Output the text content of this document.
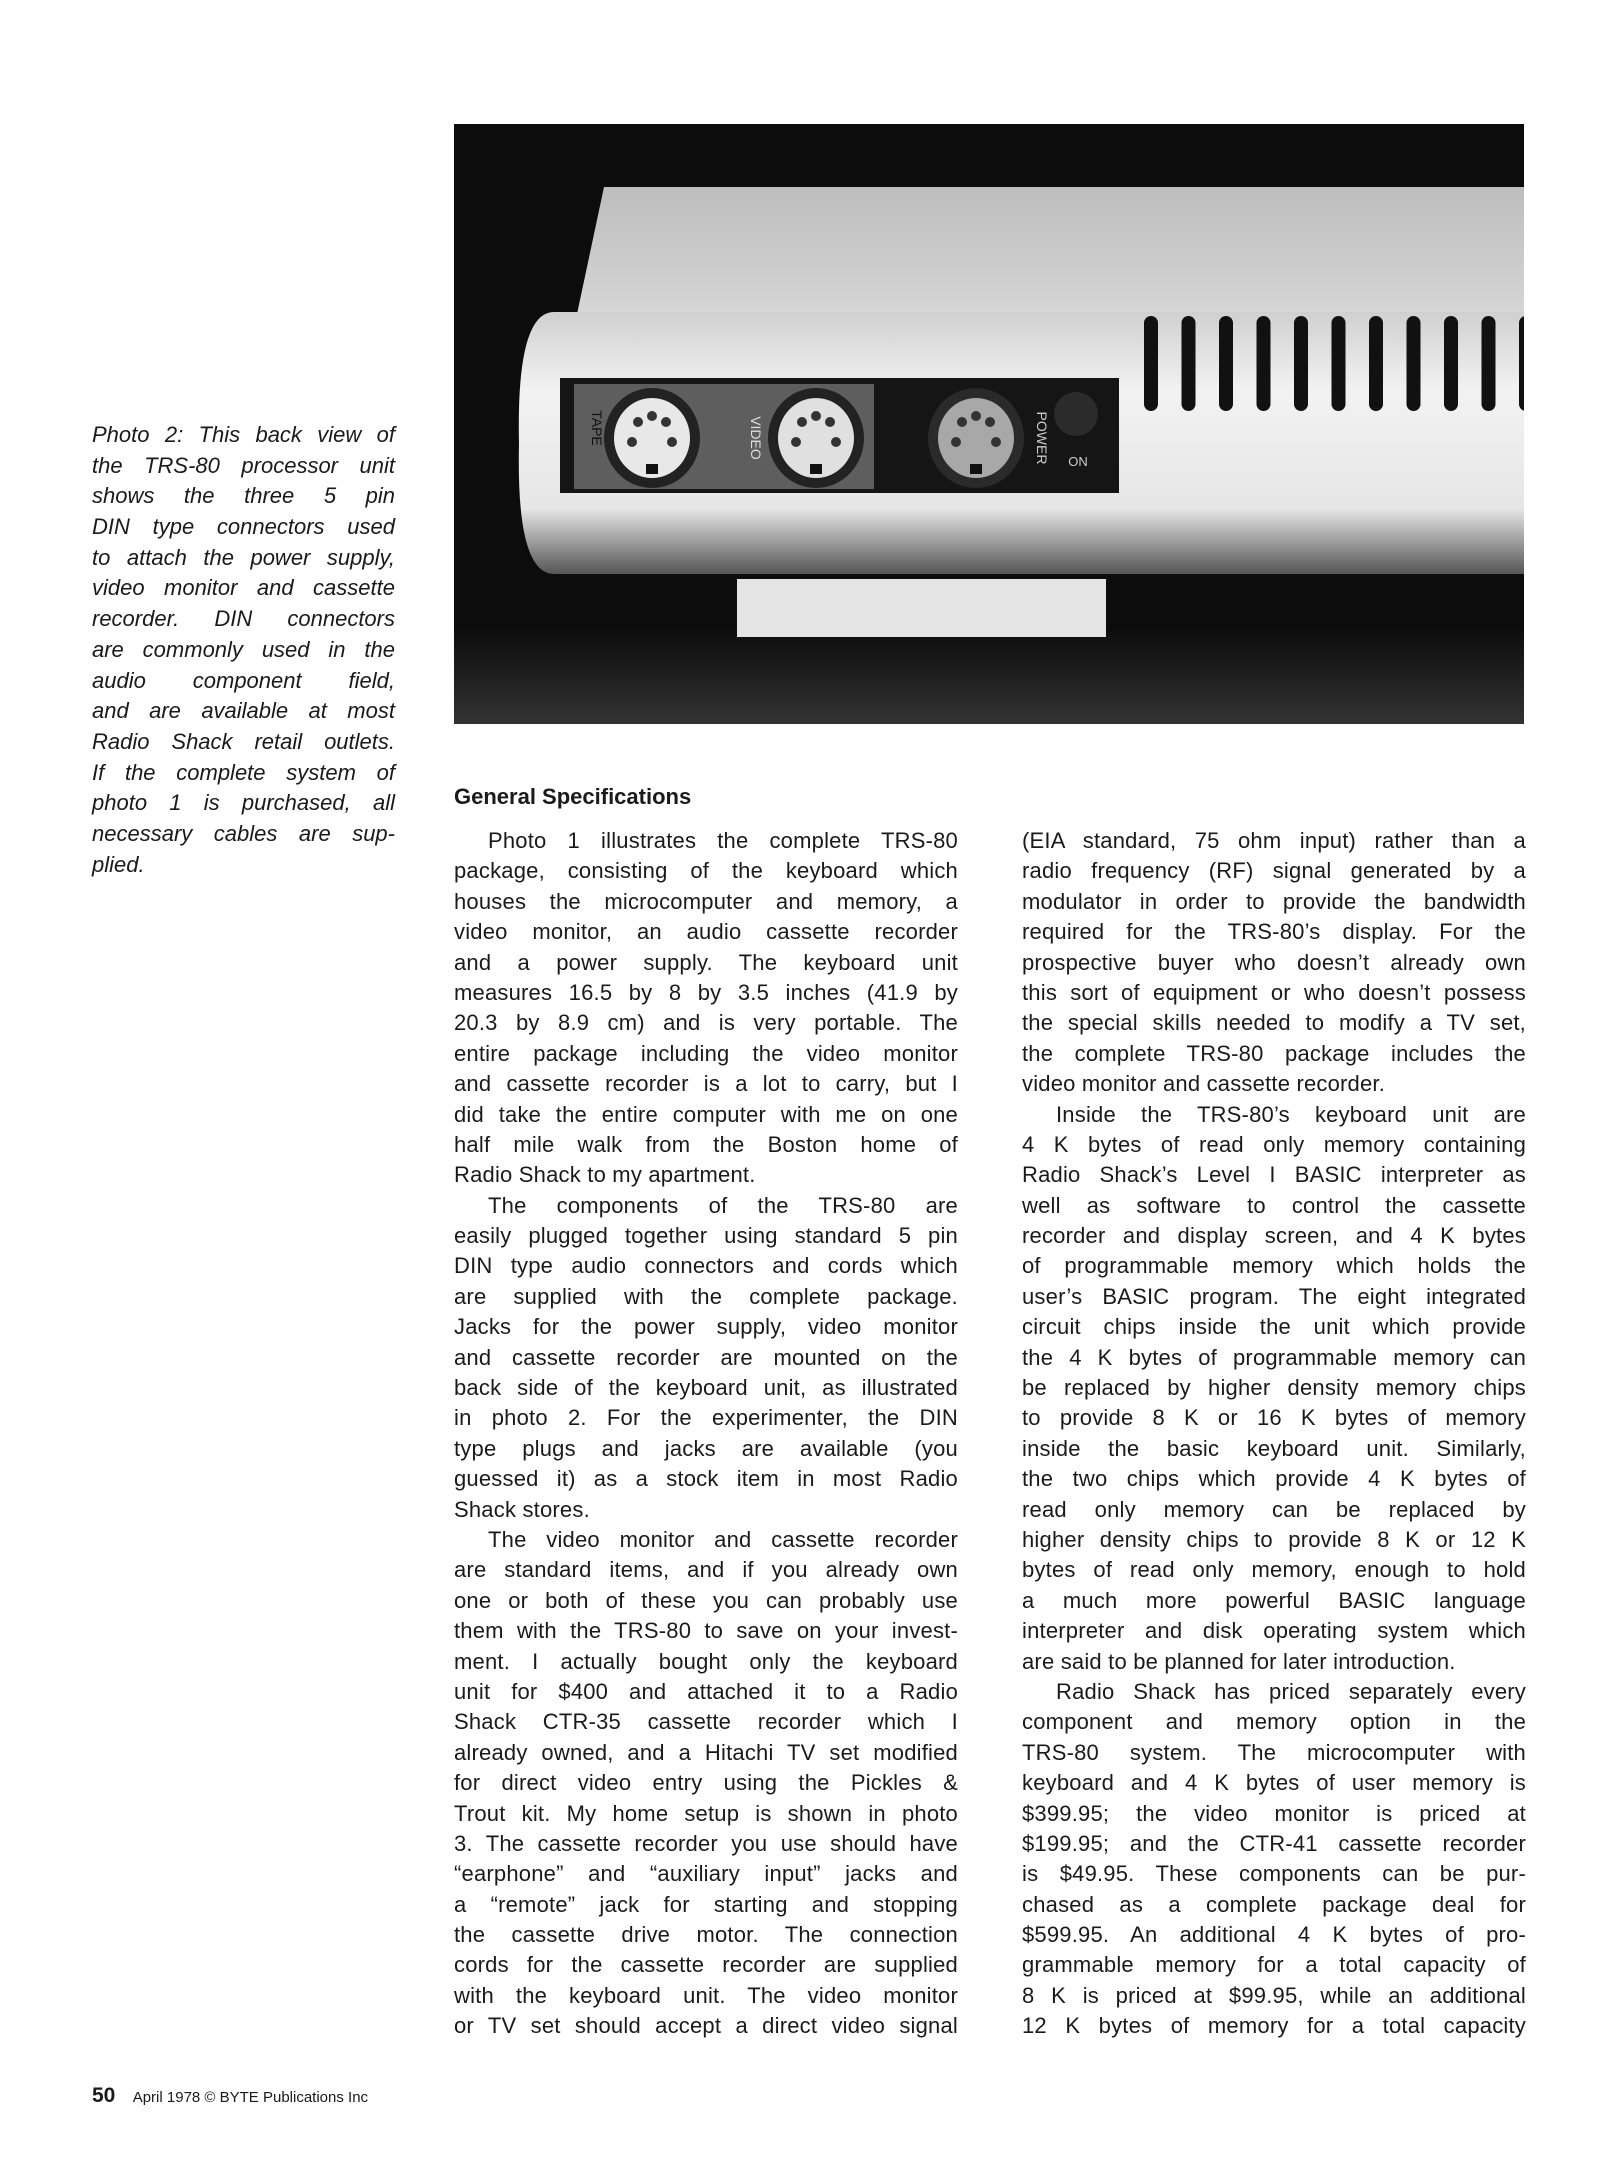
Photo 2: This back view of
the TRS-80 processor unit
shows the three 5 pin
DIN type connectors used
to attach the power supply,
video monitor and cassette
recorder. DIN connectors
are commonly used in the
audio component field,
and are available at most
Radio Shack retail outlets.
If the complete system of
photo 1 is purchased, all
necessary cables are sup-
plied.
TAPE	VIDEO	POWER ON
General Specifications
Photo 1 illustrates the complete TRS-80
package, consisting of the keyboard which
houses the microcomputer and memory, a
video monitor, an audio cassette recorder
and a power supply. The keyboard unit
measures 16.5 by 8 by 3.5 inches (41.9 by
20.3 by 8.9 cm) and is very portable. The
entire package including the video monitor
and cassette recorder is a lot to carry, but I
did take the entire computer with me on one
half mile walk from the Boston home of
Radio Shack to my apartment.
The components of the TRS-80 are
easily plugged together using standard 5 pin
DIN type audio connectors and cords which
are supplied with the complete package.
Jacks for the power supply, video monitor
and cassette recorder are mounted on the
back side of the keyboard unit, as illustrated
in photo 2. For the experimenter, the DIN
type plugs and jacks are available (you
guessed it) as a stock item in most Radio
Shack stores.
The video monitor and cassette recorder
are standard items, and if you already own
one or both of these you can probably use
them with the TRS-80 to save on your invest-
ment. I actually bought only the keyboard
unit for $400 and attached it to a Radio
Shack CTR-35 cassette recorder which I
already owned, and a Hitachi TV set modified
for direct video entry using the Pickles &
Trout kit. My home setup is shown in photo
3. The cassette recorder you use should have
“earphone” and “auxiliary input” jacks and
a “remote” jack for starting and stopping
the cassette drive motor. The connection
cords for the cassette recorder are supplied
with the keyboard unit. The video monitor
or TV set should accept a direct video signal
(EIA standard, 75 ohm input) rather than a
radio frequency (RF) signal generated by a
modulator in order to provide the bandwidth
required for the TRS-80’s display. For the
prospective buyer who doesn’t already own
this sort of equipment or who doesn’t possess
the special skills needed to modify a TV set,
the complete TRS-80 package includes the
video monitor and cassette recorder.
Inside the TRS-80’s keyboard unit are
4 K bytes of read only memory containing
Radio Shack’s Level I BASIC interpreter as
well as software to control the cassette
recorder and display screen, and 4 K bytes
of programmable memory which holds the
user’s BASIC program. The eight integrated
circuit chips inside the unit which provide
the 4 K bytes of programmable memory can
be replaced by higher density memory chips
to provide 8 K or 16 K bytes of memory
inside the basic keyboard unit. Similarly,
the two chips which provide 4 K bytes of
read only memory can be replaced by
higher density chips to provide 8 K or 12 K
bytes of read only memory, enough to hold
a much more powerful BASIC language
interpreter and disk operating system which
are said to be planned for later introduction.
Radio Shack has priced separately every
component and memory option in the
TRS-80 system. The microcomputer with
keyboard and 4 K bytes of user memory is
$399.95; the video monitor is priced at
$199.95; and the CTR-41 cassette recorder
is $49.95. These components can be pur-
chased as a complete package deal for
$599.95. An additional 4 K bytes of pro-
grammable memory for a total capacity of
8 K is priced at $99.95, while an additional
12 K bytes of memory for a total capacity
50 April 1978 © BYTE Publications Inc
